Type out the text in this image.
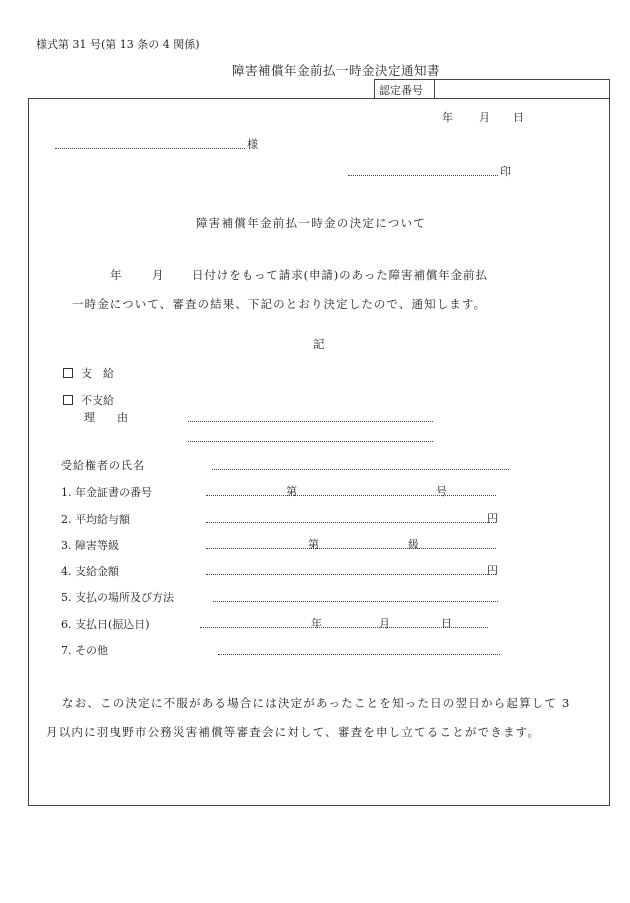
様式第 31 号(第 13 条の 4 関係)
障害補償年金前払一時金決定通知書
認定番号
年 月 日
様
印
障害補償年金前払一時金の決定について
年	月 日付けをもって請求(申請)のあった障害補償年金前払
一時金について、審査の結果、下記のとおり決定したので、通知します。
記
支　給
不支給
理　　由
受給権者の氏名
1. 年金証書の番号	第	号
2. 平均給与額	円
3. 障害等級	第	級
4. 支給金額	円
5. 支払の場所及び方法
6. 支払日(振込日)	年	月	日
7. その他
なお、この決定に不服がある場合には決定があったことを知った日の翌日から起算して 3 月以内に羽曳野市公務災害補償等審査会に対して、審査を申し立てることができます。
